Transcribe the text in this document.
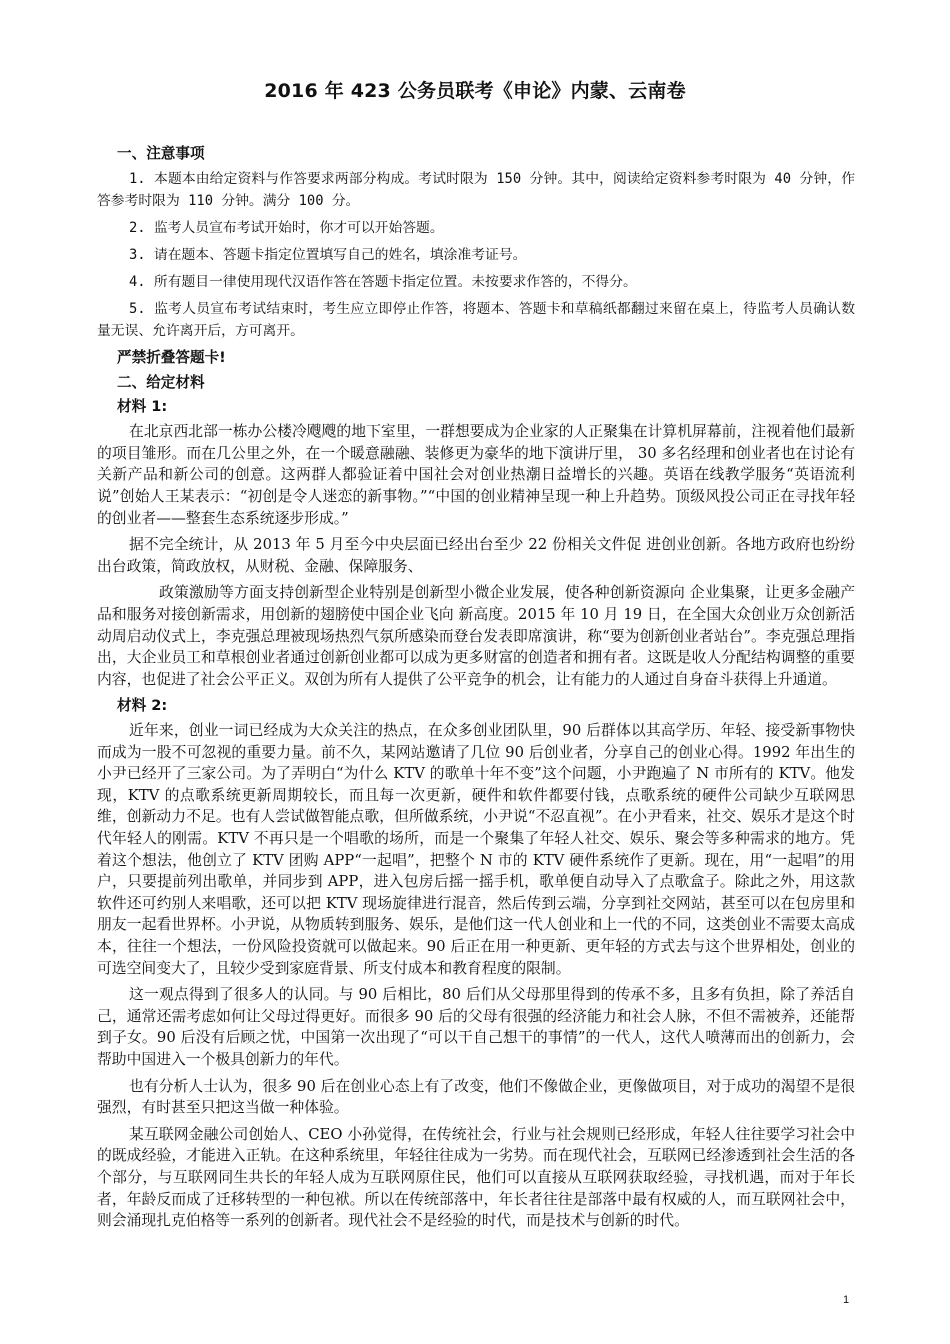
2016 年 423 公务员联考《申论》内蒙、云南卷
一、注意事项
1. 本题本由给定资料与作答要求两部分构成。考试时限为 150 分钟。其中，阅读给定资料参考时限为 40 分钟，作答参考时限为 110 分钟。满分 100 分。
2. 监考人员宣布考试开始时，你才可以开始答题。
3. 请在题本、答题卡指定位置填写自己的姓名，填涂准考证号。
4. 所有题目一律使用现代汉语作答在答题卡指定位置。未按要求作答的，不得分。
5. 监考人员宣布考试结束时，考生应立即停止作答，将题本、答题卡和草稿纸都翻过来留在桌上，待监考人员确认数量无误、允许离开后，方可离开。
严禁折叠答题卡!
二、给定材料
材料 1:
在北京西北部一栋办公楼冷飕飕的地下室里，一群想要成为企业家的人正聚集在计算机屏幕前，注视着他们最新的项目雏形。而在几公里之外，在一个暖意融融、装修更为豪华的地下演讲厅里， 30 多名经理和创业者也在讨论有关新产品和新公司的创意。这两群人都验证着中国社会对创业热潮日益增长的兴趣。英语在线教学服务“英语流利说”创始人王某表示：“初创是令人迷恋的新事物。”“中国的创业精神呈现一种上升趋势。顶级风投公司正在寻找年轻的创业者——整套生态系统逐步形成。”
据不完全统计，从 2013 年 5 月至今中央层面已经出台至少 22 份相关文件促 进创业创新。各地方政府也纷纷出台政策，简政放权，从财税、金融、保障服务、
政策激励等方面支持创新型企业特别是创新型小微企业发展，使各种创新资源向 企业集聚，让更多金融产品和服务对接创新需求，用创新的翅膀使中国企业飞向 新高度。2015 年 10 月 19 日，在全国大众创业万众创新活动周启动仪式上，李克强总理被现场热烈气氛所感染而登台发表即席演讲，称“要为创新创业者站台”。李克强总理指出，大企业员工和草根创业者通过创新创业都可以成为更多财富的创造者和拥有者。这既是收人分配结构调整的重要内容，也促进了社会公平正义。双创为所有人提供了公平竞争的机会，让有能力的人通过自身奋斗获得上升通道。
材料 2:
近年来，创业一词已经成为大众关注的热点，在众多创业团队里，90 后群体以其高学历、年轻、接受新事物快而成为一股不可忽视的重要力量。前不久，某网站邀请了几位 90 后创业者，分享自己的创业心得。1992 年出生的小尹已经开了三家公司。为了弄明白“为什么 KTV 的歌单十年不变”这个问题，小尹跑遍了 N 市所有的 KTV。他发现，KTV 的点歌系统更新周期较长，而且每一次更新，硬件和软件都要付钱，点歌系统的硬件公司缺少互联网思维，创新动力不足。也有人尝试做智能点歌，但所做系统，小尹说“不忍直视”。在小尹看来，社交、娱乐才是这个时代年轻人的刚需。KTV 不再只是一个唱歌的场所，而是一个聚集了年轻人社交、娱乐、聚会等多种需求的地方。凭着这个想法，他创立了 KTV 团购 APP“一起唱”，把整个 N 市的 KTV 硬件系统作了更新。现在，用“一起唱”的用户，只要提前列出歌单，并同步到 APP，进入包房后摇一摇手机，歌单便自动导入了点歌盒子。除此之外，用这款软件还可约别人来唱歌，还可以把 KTV 现场旋律进行混音，然后传到云端，分享到社交网站，甚至可以在包房里和朋友一起看世界杯。小尹说，从物质转到服务、娱乐，是他们这一代人创业和上一代的不同，这类创业不需要太高成本，往往一个想法，一份风险投资就可以做起来。90 后正在用一种更新、更年轻的方式去与这个世界相处，创业的可选空间变大了，且较少受到家庭背景、所支付成本和教育程度的限制。
这一观点得到了很多人的认同。与 90 后相比，80 后们从父母那里得到的传承不多，且多有负担，除了养活自己，通常还需考虑如何让父母过得更好。而很多 90 后的父母有很强的经济能力和社会人脉，不但不需被养，还能帮到子女。90 后没有后顾之忧，中国第一次出现了“可以干自己想干的事情”的一代人，这代人喷薄而出的创新力，会帮助中国进入一个极具创新力的年代。
也有分析人士认为，很多 90 后在创业心态上有了改变，他们不像做企业，更像做项目，对于成功的渴望不是很强烈，有时甚至只把这当做一种体验。
某互联网金融公司创始人、CEO 小孙觉得，在传统社会，行业与社会规则已经形成，年轻人往往要学习社会中的既成经验，才能进入正轨。在这种系统里，年轻往往成为一劣势。而在现代社会，互联网已经渗透到社会生活的各个部分，与互联网同生共长的年轻人成为互联网原住民，他们可以直接从互联网获取经验，寻找机遇，而对于年长者，年龄反而成了迁移转型的一种包袱。所以在传统部落中，年长者往往是部落中最有权威的人，而互联网社会中，则会涌现扎克伯格等一系列的创新者。现代社会不是经验的时代，而是技术与创新的时代。
1
